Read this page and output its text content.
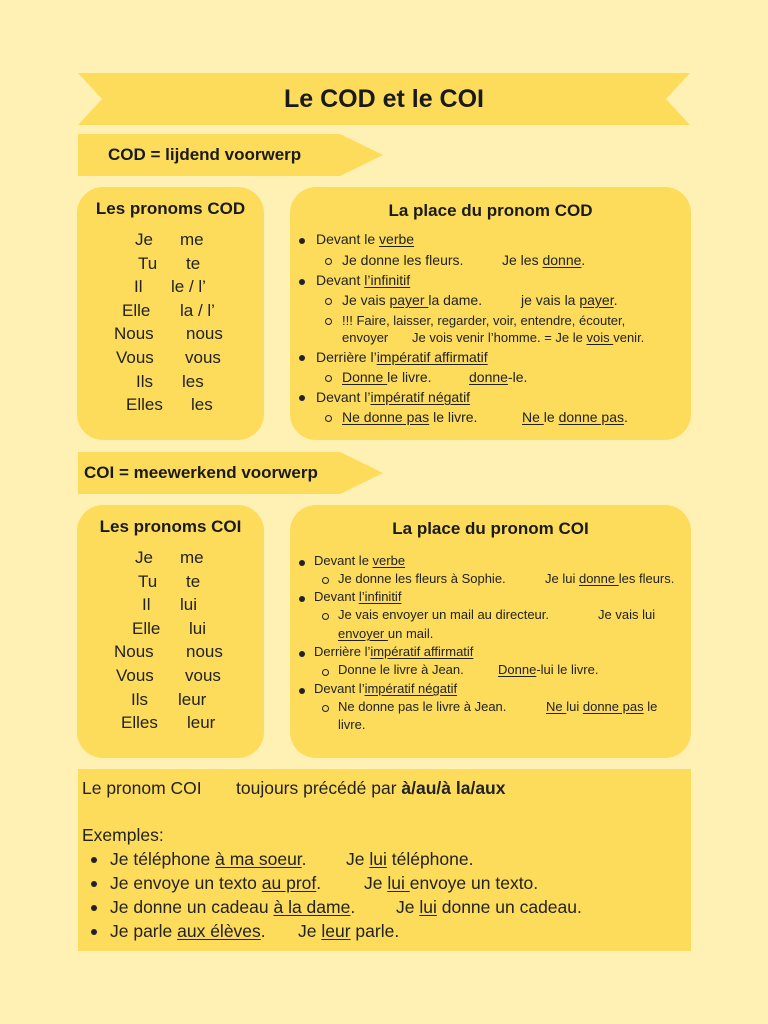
Le COD et le COI
COD = lijdend voorwerp
Les pronoms COD
Je me
Tu te
Il le / l’
Elle la / l’
Nous nous
Vous vous
Ils les
Elles les
La place du pronom COD
Devant le verbe
Je donne les fleurs.	Je les donne.
Devant l’infinitif
Je vais payer la dame.	je vais la payer.
!!! Faire, laisser, regarder, voir, entendre, écouter,
envoyer Je vois venir l’homme. = Je le vois venir.
Derrière l’impératif affirmatif
Donne le livre.	donne-le.
Devant l’impératif négatif
Ne donne pas le livre.	Ne le donne pas.
COI = meewerkend voorwerp
Les pronoms COI
Je me
Tu te
Il lui
Elle lui
Nous nous
Vous vous
Ils leur
Elles leur
La place du pronom COI
Devant le verbe
Je donne les fleurs à Sophie.	Je lui donne les fleurs.
Devant l’infinitif
Je vais envoyer un mail au directeur.	Je vais lui
envoyer un mail.
Derrière l’impératif affirmatif
Donne le livre à Jean.	Donne-lui le livre.
Devant l’impératif négatif
Ne donne pas le livre à Jean.	Ne lui donne pas le
livre.
Le pronom COI toujours précédé par à/au/à la/aux
Exemples:
Je téléphone à ma soeur. Je lui téléphone.
Je envoye un texto au prof. Je lui envoye un texto.
Je donne un cadeau à la dame. Je lui donne un cadeau.
Je parle aux élèves. Je leur parle.
